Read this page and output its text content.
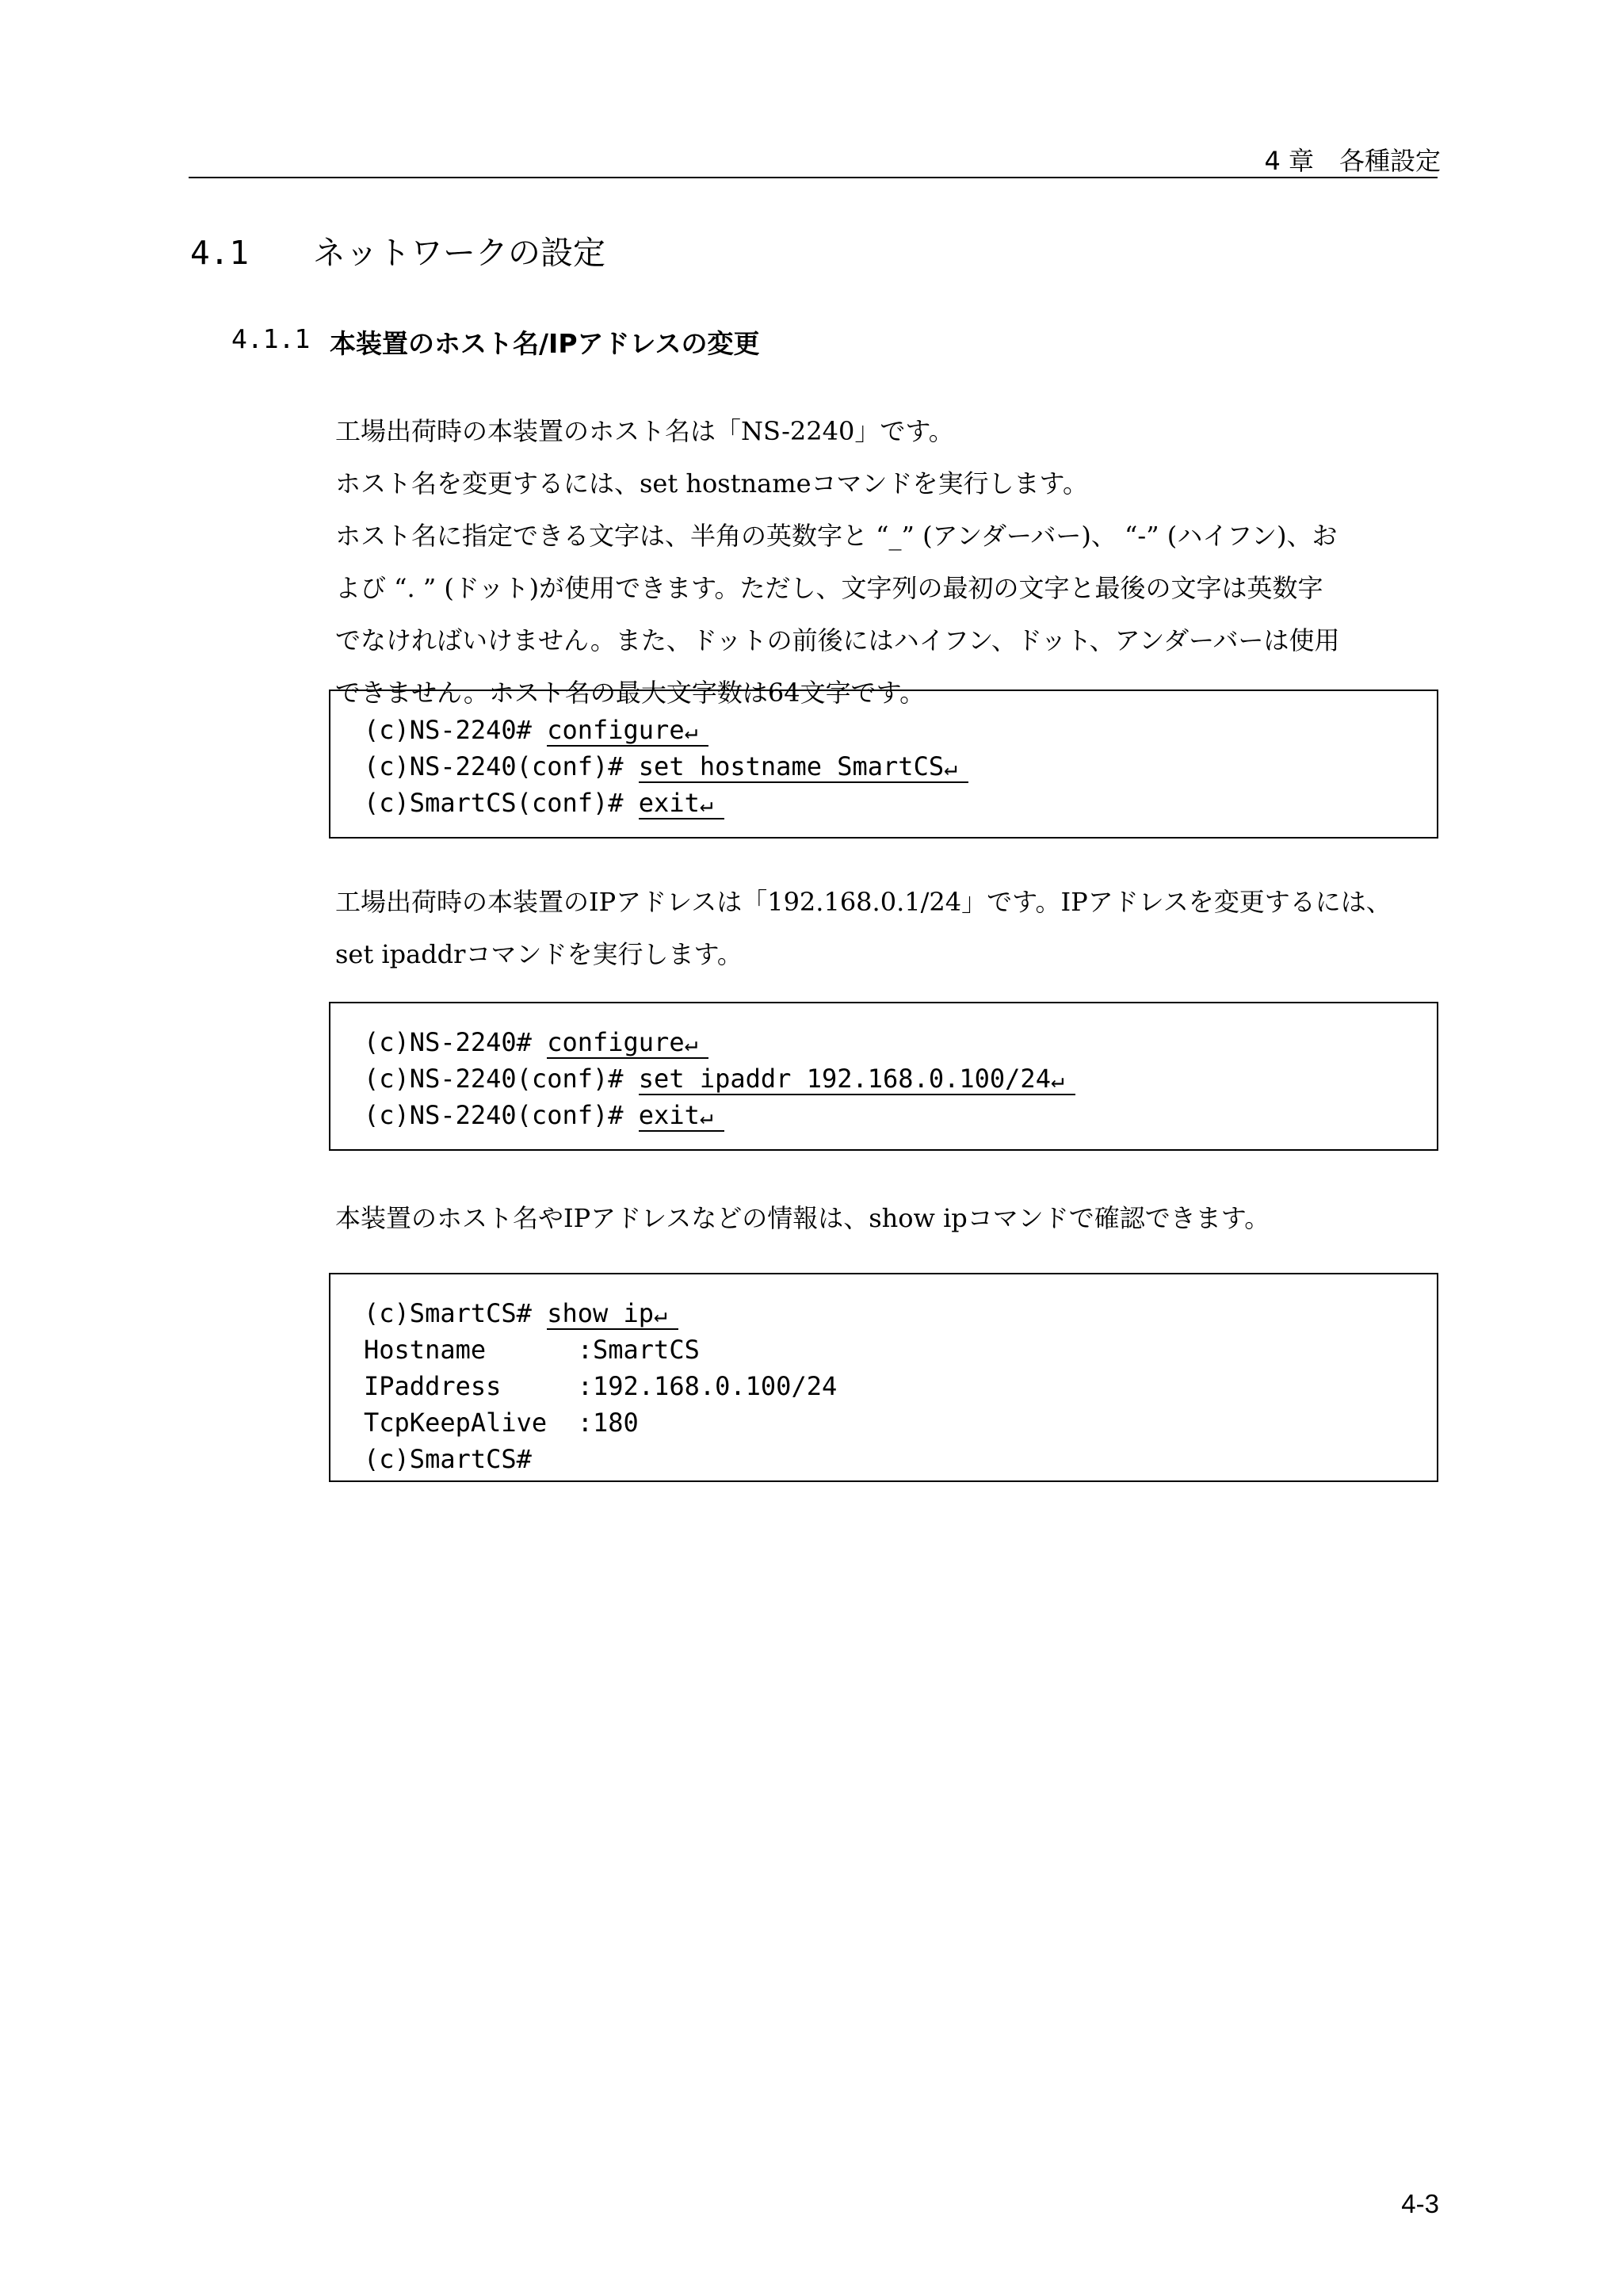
4 章　各種設定
4.1	ネットワークの設定
4.1.1 本装置のホスト名/IPアドレスの変更
工場出荷時の本装置のホスト名は「NS-2240」です。
ホスト名を変更するには、set hostnameコマンドを実行します。
ホスト名に指定できる文字は、半角の英数字と “_” (アンダーバー)、 “-” (ハイフン)、お
よび “. ” (ドット)が使用できます。ただし、文字列の最初の文字と最後の文字は英数字
でなければいけません。また、ドットの前後にはハイフン、ドット、アンダーバーは使用
できません。ホスト名の最大文字数は64文字です。
(c)NS-2240# configure↵
(c)NS-2240(conf)# set hostname SmartCS↵
(c)SmartCS(conf)# exit↵
工場出荷時の本装置のIPアドレスは「192.168.0.1/24」です。IPアドレスを変更するには、
set ipaddrコマンドを実行します。
(c)NS-2240# configure↵
(c)NS-2240(conf)# set ipaddr 192.168.0.100/24↵
(c)NS-2240(conf)# exit↵
本装置のホスト名やIPアドレスなどの情報は、show ipコマンドで確認できます。
(c)SmartCS# show ip↵
Hostname      :SmartCS
IPaddress     :192.168.0.100/24
TcpKeepAlive  :180
(c)SmartCS#
4-3
